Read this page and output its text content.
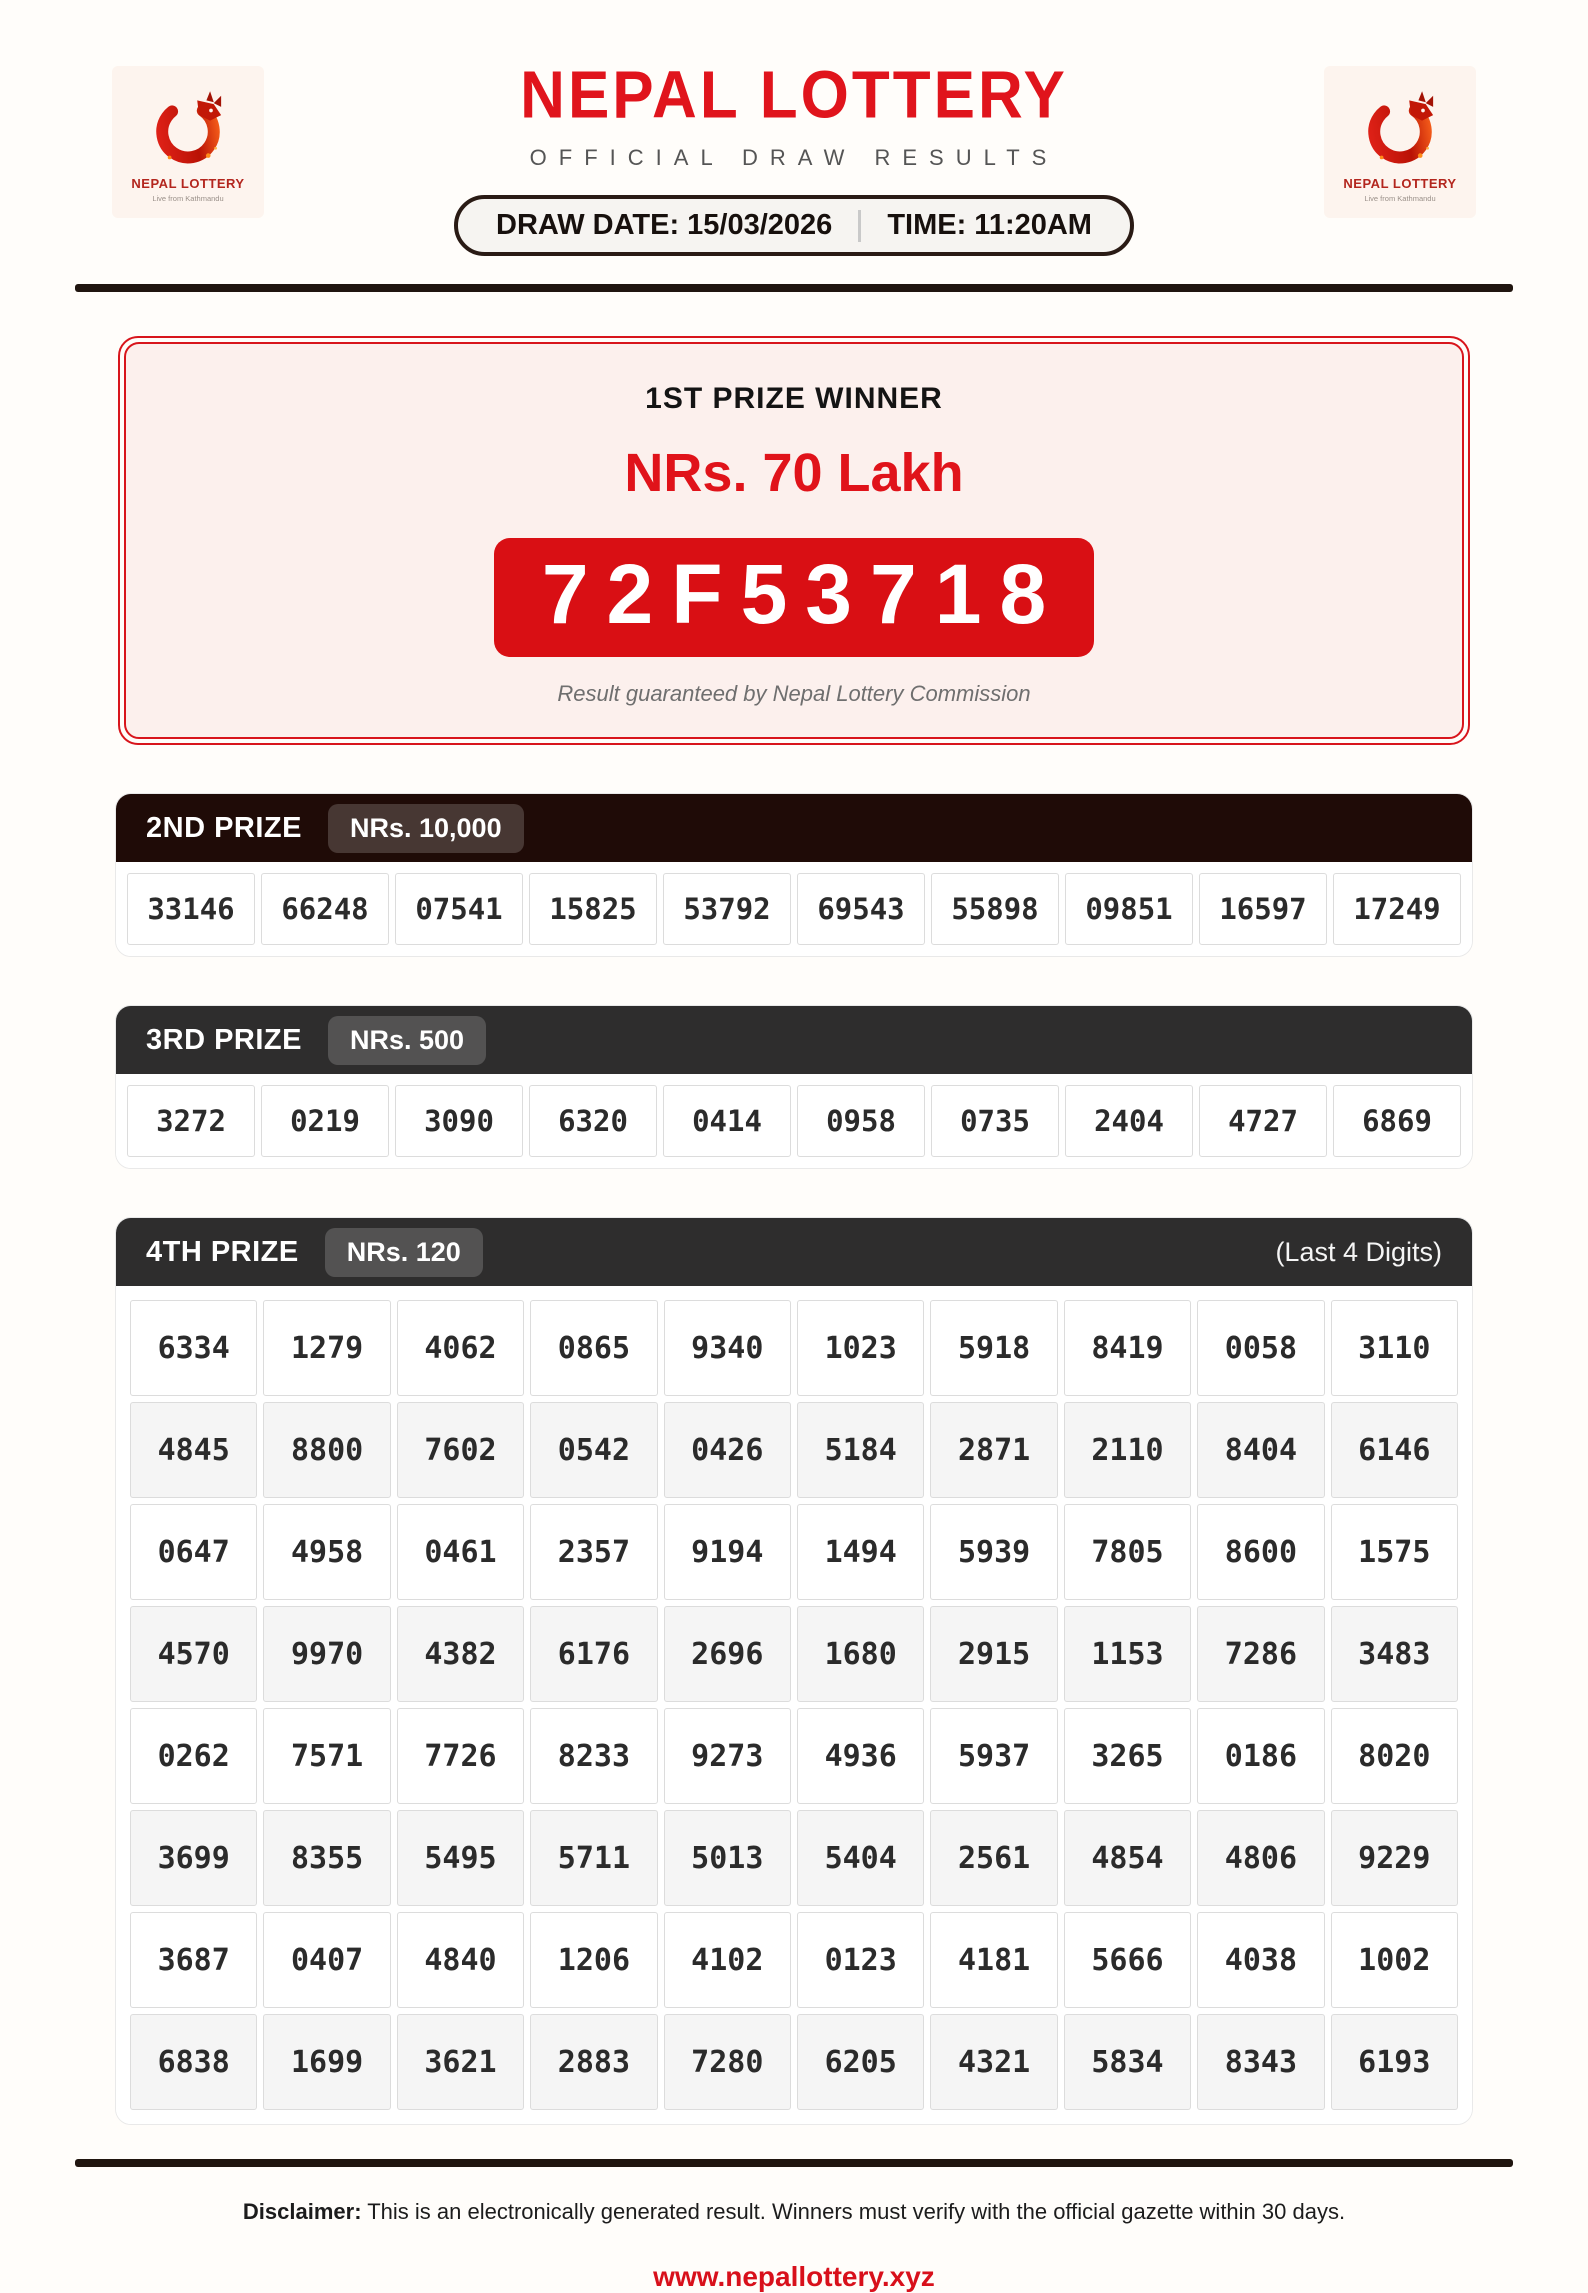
NEPAL LOTTERY
Live from Kathmandu
NEPAL LOTTERY
Live from Kathmandu
NEPAL LOTTERY
OFFICIAL DRAW RESULTS
DRAW DATE: 15/03/2026 TIME: 11:20AM
1ST PRIZE WINNER
NRs. 70 Lakh
72F53718
Result guaranteed by Nepal Lottery Commission
2ND PRIZE	NRs. 10,000
33146	66248	07541	15825	53792	69543	55898	09851	16597	17249
3RD PRIZE	NRs. 500
3272	0219	3090	6320	0414	0958	0735	2404	4727	6869
4TH PRIZE	NRs. 120	(Last 4 Digits)
6334	1279	4062	0865	9340	1023	5918	8419	0058	3110
4845	8800	7602	0542	0426	5184	2871	2110	8404	6146
0647	4958	0461	2357	9194	1494	5939	7805	8600	1575
4570	9970	4382	6176	2696	1680	2915	1153	7286	3483
0262	7571	7726	8233	9273	4936	5937	3265	0186	8020
3699	8355	5495	5711	5013	5404	2561	4854	4806	9229
3687	0407	4840	1206	4102	0123	4181	5666	4038	1002
6838	1699	3621	2883	7280	6205	4321	5834	8343	6193

Disclaimer: This is an electronically generated result. Winners must verify with the official gazette within 30 days.

www.nepallottery.xyz
